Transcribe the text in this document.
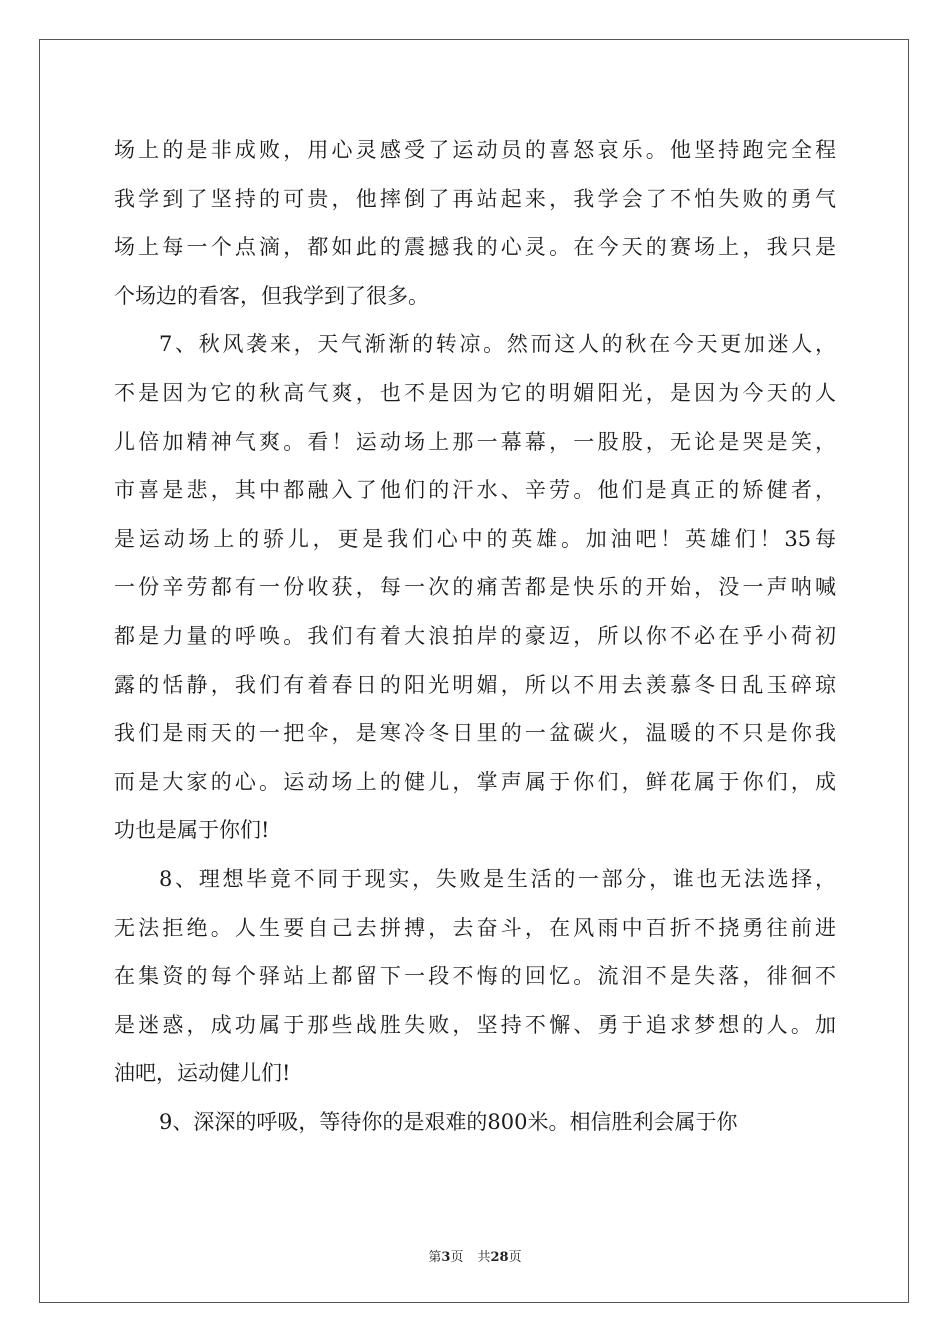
场上的是非成败，用心灵感受了运动员的喜怒哀乐。他坚持跑完全程
我学到了坚持的可贵，他摔倒了再站起来，我学会了不怕失败的勇气
场上每一个点滴，都如此的震撼我的心灵。在今天的赛场上，我只是
个场边的看客，但我学到了很多。
7、秋风袭来，天气渐渐的转凉。然而这人的秋在今天更加迷人，
不是因为它的秋高气爽，也不是因为它的明媚阳光，是因为今天的人
儿倍加精神气爽。看！运动场上那一幕幕，一股股，无论是哭是笑，
市喜是悲，其中都融入了他们的汗水、辛劳。他们是真正的矫健者，
是运动场上的骄儿，更是我们心中的英雄。加油吧！英雄们！35每
一份辛劳都有一份收获，每一次的痛苦都是快乐的开始，没一声呐喊
都是力量的呼唤。我们有着大浪拍岸的豪迈，所以你不必在乎小荷初
露的恬静，我们有着春日的阳光明媚，所以不用去羡慕冬日乱玉碎琼
我们是雨天的一把伞，是寒冷冬日里的一盆碳火，温暖的不只是你我
而是大家的心。运动场上的健儿，掌声属于你们，鲜花属于你们，成
功也是属于你们!
8、理想毕竟不同于现实，失败是生活的一部分，谁也无法选择，
无法拒绝。人生要自己去拼搏，去奋斗，在风雨中百折不挠勇往前进
在集资的每个驿站上都留下一段不悔的回忆。流泪不是失落，徘徊不
是迷惑，成功属于那些战胜失败，坚持不懈、勇于追求梦想的人。加
油吧，运动健儿们!
9、深深的呼吸，等待你的是艰难的800米。相信胜利会属于你
第3页 共28页
